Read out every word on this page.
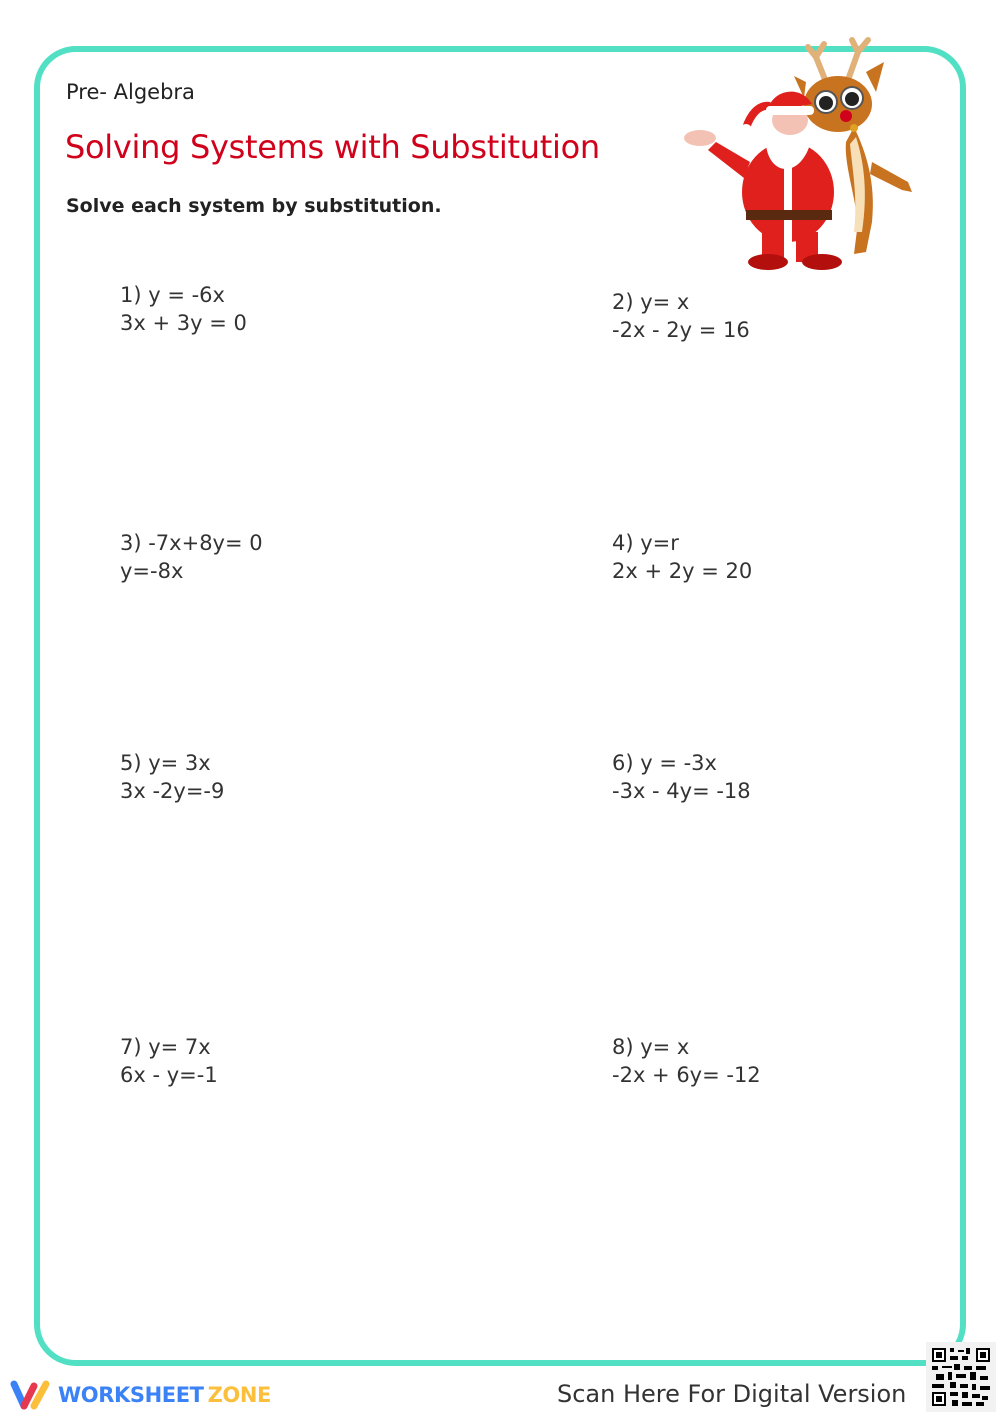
Pre- Algebra
Solving Systems with Substitution
Solve each system by substitution.
1) y = -6x
3x + 3y = 0
2) y= x
-2x - 2y = 16
3) -7x+8y= 0
y=-8x
4) y=r
2x + 2y = 20
5) y= 3x
3x -2y=-9
6) y = -3x
-3x - 4y= -18
7) y= 7x
6x - y=-1
8) y= x
-2x + 6y= -12
WORKSHEET ZONE	Scan Here For Digital Version
